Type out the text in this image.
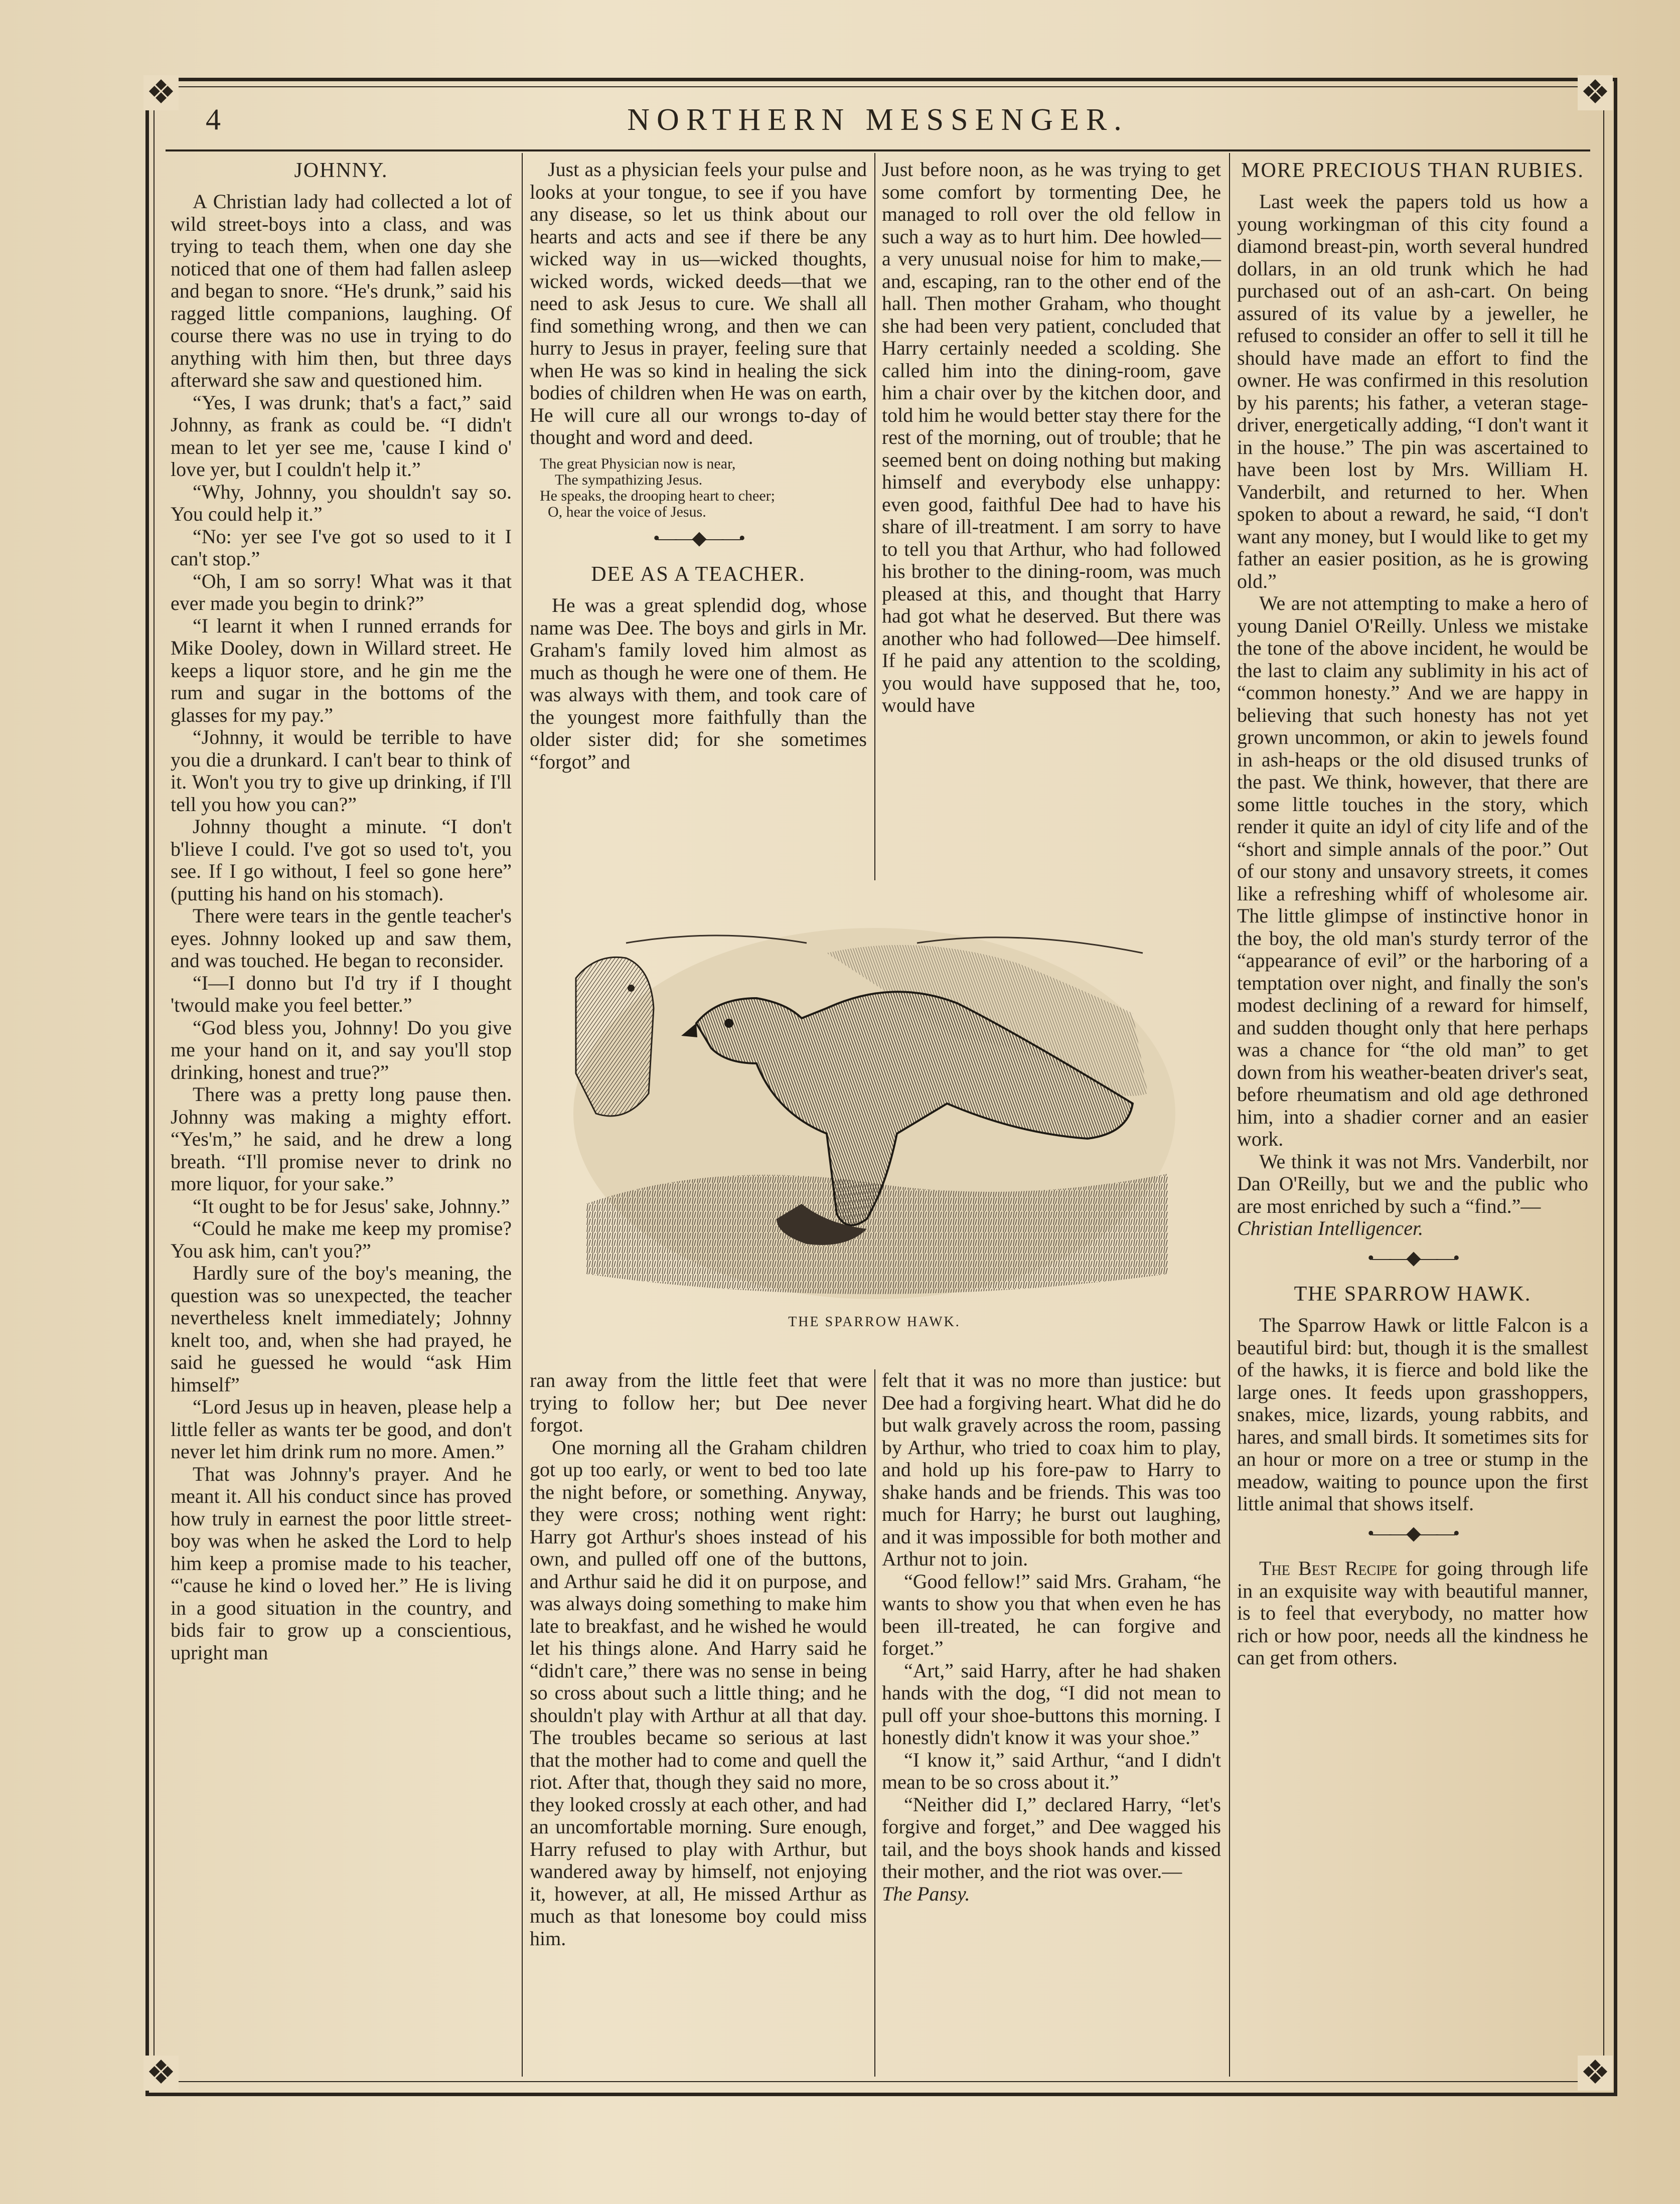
❖	❖
❖	❖
4	NORTHERN MESSENGER.
JOHNNY.

A Christian lady had collected a lot of wild street-boys into a class, and was trying to teach them, when one day she noticed that one of them had fallen asleep and began to snore. “He's drunk,” said his ragged little companions, laughing. Of course there was no use in trying to do anything with him then, but three days afterward she saw and questioned him.

“Yes, I was drunk; that's a fact,” said Johnny, as frank as could be. “I didn't mean to let yer see me, 'cause I kind o' love yer, but I couldn't help it.”

“Why, Johnny, you shouldn't say so. You could help it.”

“No: yer see I've got so used to it I can't stop.”

“Oh, I am so sorry! What was it that ever made you begin to drink?”

“I learnt it when I runned errands for Mike Dooley, down in Willard street. He keeps a liquor store, and he gin me the rum and sugar in the bottoms of the glasses for my pay.”

“Johnny, it would be terrible to have you die a drunkard. I can't bear to think of it. Won't you try to give up drinking, if I'll tell you how you can?”

Johnny thought a minute. “I don't b'lieve I could. I've got so used to't, you see. If I go without, I feel so gone here” (putting his hand on his stomach).

There were tears in the gentle teacher's eyes. Johnny looked up and saw them, and was touched. He began to reconsider.

“I—I donno but I'd try if I thought 'twould make you feel better.”

“God bless you, Johnny! Do you give me your hand on it, and say you'll stop drinking, honest and true?”

There was a pretty long pause then. Johnny was making a mighty effort. “Yes'm,” he said, and he drew a long breath. “I'll promise never to drink no more liquor, for your sake.”

“It ought to be for Jesus' sake, Johnny.”

“Could he make me keep my promise? You ask him, can't you?”

Hardly sure of the boy's meaning, the question was so unexpected, the teacher nevertheless knelt immediately; Johnny knelt too, and, when she had prayed, he said he guessed he would “ask Him himself”

“Lord Jesus up in heaven, please help a little feller as wants ter be good, and don't never let him drink rum no more. Amen.”

That was Johnny's prayer. And he meant it. All his conduct since has proved how truly in earnest the poor little street-boy was when he asked the Lord to help him keep a promise made to his teacher, “'cause he kind o loved her.” He is living in a good situation in the country, and bids fair to grow up a conscientious, upright man

Just as a physician feels your pulse and looks at your tongue, to see if you have any disease, so let us think about our hearts and acts and see if there be any wicked way in us—wicked thoughts, wicked words, wicked deeds—that we need to ask Jesus to cure. We shall all find something wrong, and then we can hurry to Jesus in prayer, feeling sure that when He was so kind in healing the sick bodies of children when He was on earth, He will cure all our wrongs to-day of thought and word and deed.

The great Physician now is near,
The sympathizing Jesus.
He speaks, the drooping heart to cheer;
O, hear the voice of Jesus.
•——◆——•
DEE AS A TEACHER.

He was a great splendid dog, whose name was Dee. The boys and girls in Mr. Graham's family loved him almost as much as though he were one of them. He was always with them, and took care of the youngest more faithfully than the older sister did; for she sometimes “forgot” and

Just before noon, as he was trying to get some comfort by tormenting Dee, he managed to roll over the old fellow in such a way as to hurt him. Dee howled—a very unusual noise for him to make,—and, escaping, ran to the other end of the hall. Then mother Graham, who thought she had been very patient, concluded that Harry certainly needed a scolding. She called him into the dining-room, gave him a chair over by the kitchen door, and told him he would better stay there for the rest of the morning, out of trouble; that he seemed bent on doing nothing but making himself and everybody else unhappy: even good, faithful Dee had to have his share of ill-treatment. I am sorry to have to tell you that Arthur, who had followed his brother to the dining-room, was much pleased at this, and thought that Harry had got what he deserved. But there was another who had followed—Dee himself. If he paid any attention to the scolding, you would have supposed that he, too, would have

THE SPARROW HAWK.

ran away from the little feet that were trying to follow her; but Dee never forgot.

One morning all the Graham children got up too early, or went to bed too late the night before, or something. Anyway, they were cross; nothing went right: Harry got Arthur's shoes instead of his own, and pulled off one of the buttons, and Arthur said he did it on purpose, and was always doing something to make him late to breakfast, and he wished he would let his things alone. And Harry said he “didn't care,” there was no sense in being so cross about such a little thing; and he shouldn't play with Arthur at all that day. The troubles became so serious at last that the mother had to come and quell the riot. After that, though they said no more, they looked crossly at each other, and had an uncomfortable morning. Sure enough, Harry refused to play with Arthur, but wandered away by himself, not enjoying it, however, at all, He missed Arthur as much as that lonesome boy could miss him.

felt that it was no more than justice: but Dee had a forgiving heart. What did he do but walk gravely across the room, passing by Arthur, who tried to coax him to play, and hold up his fore-paw to Harry to shake hands and be friends. This was too much for Harry; he burst out laughing, and it was impossible for both mother and Arthur not to join.

“Good fellow!” said Mrs. Graham, “he wants to show you that when even he has been ill-treated, he can forgive and forget.”

“Art,” said Harry, after he had shaken hands with the dog, “I did not mean to pull off your shoe-buttons this morning. I honestly didn't know it was your shoe.”

“I know it,” said Arthur, “and I didn't mean to be so cross about it.”

“Neither did I,” declared Harry, “let's forgive and forget,” and Dee wagged his tail, and the boys shook hands and kissed their mother, and the riot was over.—

The Pansy.

MORE PRECIOUS THAN RUBIES.

Last week the papers told us how a young workingman of this city found a diamond breast-pin, worth several hundred dollars, in an old trunk which he had purchased out of an ash-cart. On being assured of its value by a jeweller, he refused to consider an offer to sell it till he should have made an effort to find the owner. He was confirmed in this resolution by his parents; his father, a veteran stage-driver, energetically adding, “I don't want it in the house.” The pin was ascertained to have been lost by Mrs. William H. Vanderbilt, and returned to her. When spoken to about a reward, he said, “I don't want any money, but I would like to get my father an easier position, as he is growing old.”

We are not attempting to make a hero of young Daniel O'Reilly. Unless we mistake the tone of the above incident, he would be the last to claim any sublimity in his act of “common honesty.” And we are happy in believing that such honesty has not yet grown uncommon, or akin to jewels found in ash-heaps or the old disused trunks of the past. We think, however, that there are some little touches in the story, which render it quite an idyl of city life and of the “short and simple annals of the poor.” Out of our stony and unsavory streets, it comes like a refreshing whiff of wholesome air. The little glimpse of instinctive honor in the boy, the old man's sturdy terror of the “appearance of evil” or the harboring of a temptation over night, and finally the son's modest declining of a reward for himself, and sudden thought only that here perhaps was a chance for “the old man” to get down from his weather-beaten driver's seat, before rheumatism and old age dethroned him, into a shadier corner and an easier work.

We think it was not Mrs. Vanderbilt, nor Dan O'Reilly, but we and the public who are most enriched by such a “find.”—

Christian Intelligencer.

•——◆——•
THE SPARROW HAWK.

The Sparrow Hawk or little Falcon is a beautiful bird: but, though it is the smallest of the hawks, it is fierce and bold like the large ones. It feeds upon grasshoppers, snakes, mice, lizards, young rabbits, and hares, and small birds. It sometimes sits for an hour or more on a tree or stump in the meadow, waiting to pounce upon the first little animal that shows itself.

•——◆——•

The Best Recipe for going through life in an exquisite way with beautiful manner, is to feel that everybody, no matter how rich or how poor, needs all the kindness he can get from others.
